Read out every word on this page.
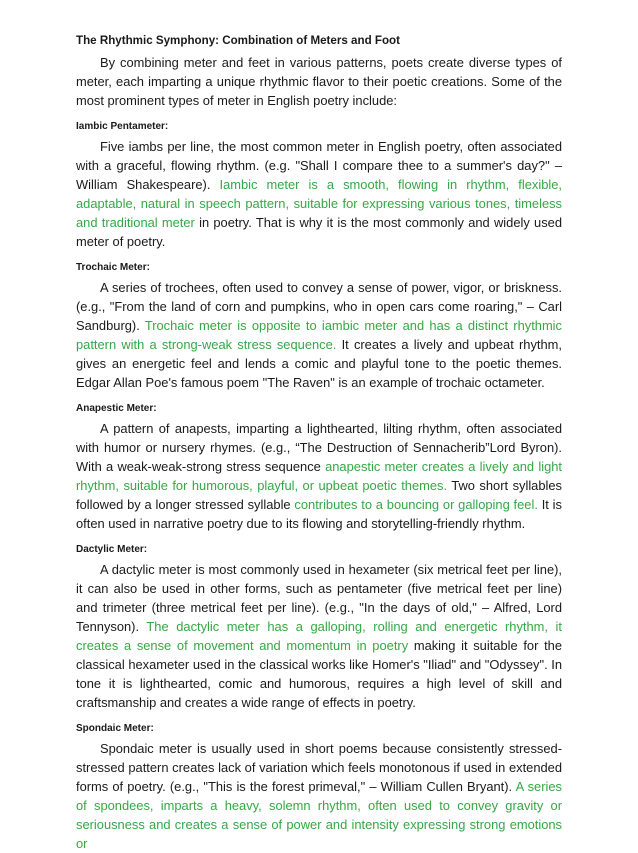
The Rhythmic Symphony: Combination of Meters and Foot

By combining meter and feet in various patterns, poets create diverse types of meter, each imparting a unique rhythmic flavor to their poetic creations. Some of the most prominent types of meter in English poetry include:

Iambic Pentameter:

Five iambs per line, the most common meter in English poetry, often associated with a graceful, flowing rhythm. (e.g. "Shall I compare thee to a summer's day?" – William Shakespeare). Iambic meter is a smooth, flowing in rhythm, flexible, adaptable, natural in speech pattern, suitable for expressing various tones, timeless and traditional meter in poetry. That is why it is the most commonly and widely used meter of poetry.

Trochaic Meter:

A series of trochees, often used to convey a sense of power, vigor, or briskness. (e.g., "From the land of corn and pumpkins, who in open cars come roaring," – Carl Sandburg). Trochaic meter is opposite to iambic meter and has a distinct rhythmic pattern with a strong-weak stress sequence. It creates a lively and upbeat rhythm, gives an energetic feel and lends a comic and playful tone to the poetic themes. Edgar Allan Poe's famous poem "The Raven" is an example of trochaic octameter.

Anapestic Meter:

A pattern of anapests, imparting a lighthearted, lilting rhythm, often associated with humor or nursery rhymes. (e.g., “The Destruction of Sennacherib”Lord Byron). With a weak-weak-strong stress sequence anapestic meter creates a lively and light rhythm, suitable for humorous, playful, or upbeat poetic themes. Two short syllables followed by a longer stressed syllable contributes to a bouncing or galloping feel. It is often used in narrative poetry due to its flowing and storytelling-friendly rhythm.

Dactylic Meter:

A dactylic meter is most commonly used in hexameter (six metrical feet per line), it can also be used in other forms, such as pentameter (five metrical feet per line) and trimeter (three metrical feet per line). (e.g., "In the days of old," – Alfred, Lord Tennyson). The dactylic meter has a galloping, rolling and energetic rhythm, it creates a sense of movement and momentum in poetry making it suitable for the classical hexameter used in the classical works like Homer's "Iliad" and "Odyssey". In tone it is lighthearted, comic and humorous, requires a high level of skill and craftsmanship and creates a wide range of effects in poetry.

Spondaic Meter:

Spondaic meter is usually used in short poems because consistently stressed-stressed pattern creates lack of variation which feels monotonous if used in extended forms of poetry. (e.g., "This is the forest primeval," – William Cullen Bryant). A series of spondees, imparts a heavy, solemn rhythm, often used to convey gravity or seriousness and creates a sense of power and intensity expressing strong emotions or
